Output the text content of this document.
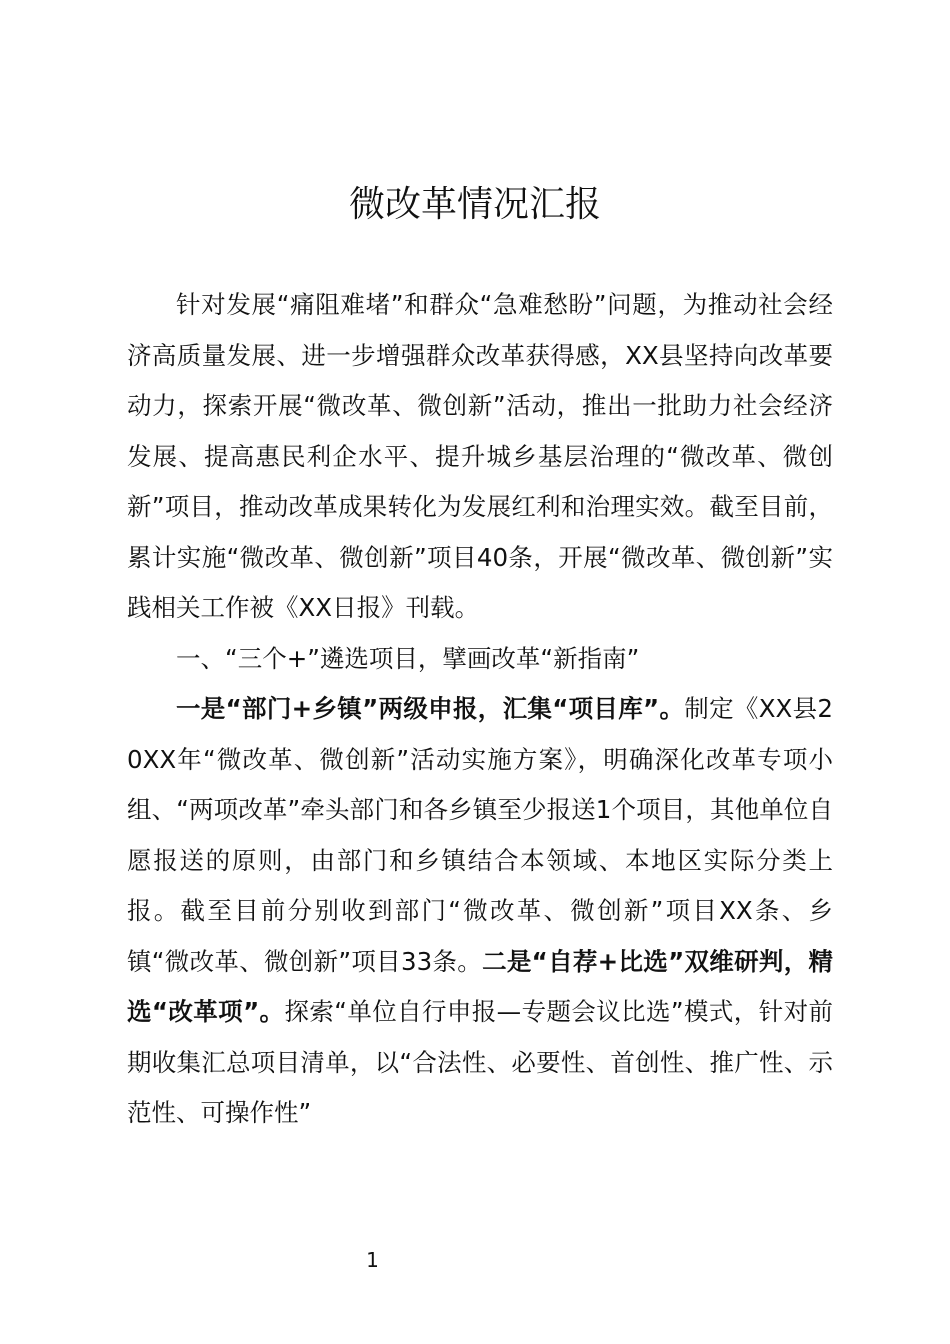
微改革情况汇报

针对发展“痛阻难堵”和群众“急难愁盼”问题，为推动社会经济高质量发展、进一步增强群众改革获得感，XX县坚持向改革要动力，探索开展“微改革、微创新”活动，推出一批助力社会经济发展、提高惠民利企水平、提升城乡基层治理的“微改革、微创新”项目，推动改革成果转化为发展红利和治理实效。截至目前，累计实施“微改革、微创新”项目40条，开展“微改革、微创新”实践相关工作被《XX日报》刊载。

一、“三个+”遴选项目，擘画改革“新指南”

一是“部门+乡镇”两级申报，汇集“项目库”。制定《XX县20XX年“微改革、微创新”活动实施方案》，明确深化改革专项小组、“两项改革”牵头部门和各乡镇至少报送1个项目，其他单位自愿报送的原则，由部门和乡镇结合本领域、本地区实际分类上报。截至目前分别收到部门“微改革、微创新”项目XX条、乡镇“微改革、微创新”项目33条。二是“自荐+比选”双维研判，精选“改革项”。探索“单位自行申报—专题会议比选”模式，针对前期收集汇总项目清单，以“合法性、必要性、首创性、推广性、示范性、可操作性”

1
